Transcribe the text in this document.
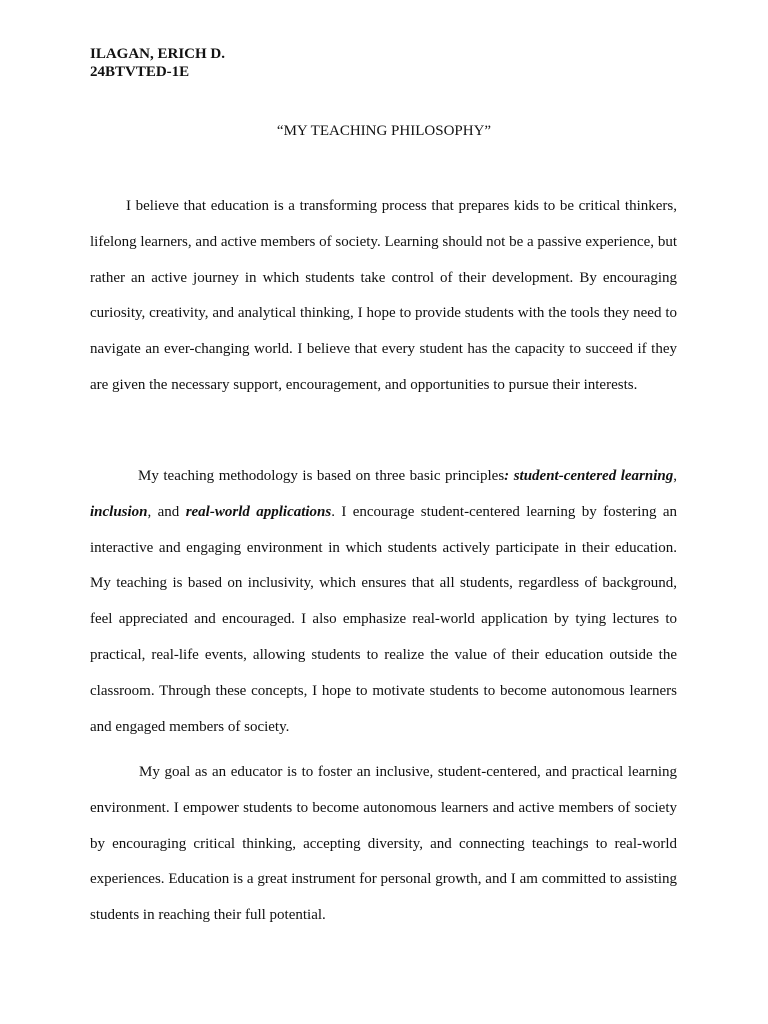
ILAGAN, ERICH D.
24BTVTED-1E
“MY TEACHING PHILOSOPHY”

I believe that education is a transforming process that prepares kids to be critical thinkers, lifelong learners, and active members of society. Learning should not be a passive experience, but rather an active journey in which students take control of their development. By encouraging curiosity, creativity, and analytical thinking, I hope to provide students with the tools they need to navigate an ever-changing world. I believe that every student has the capacity to succeed if they are given the necessary support, encouragement, and opportunities to pursue their interests.

My teaching methodology is based on three basic principles: student-centered learning, inclusion, and real-world applications. I encourage student-centered learning by fostering an interactive and engaging environment in which students actively participate in their education. My teaching is based on inclusivity, which ensures that all students, regardless of background, feel appreciated and encouraged. I also emphasize real-world application by tying lectures to practical, real-life events, allowing students to realize the value of their education outside the classroom. Through these concepts, I hope to motivate students to become autonomous learners and engaged members of society.

My goal as an educator is to foster an inclusive, student-centered, and practical learning environment. I empower students to become autonomous learners and active members of society by encouraging critical thinking, accepting diversity, and connecting teachings to real-world experiences. Education is a great instrument for personal growth, and I am committed to assisting students in reaching their full potential.
